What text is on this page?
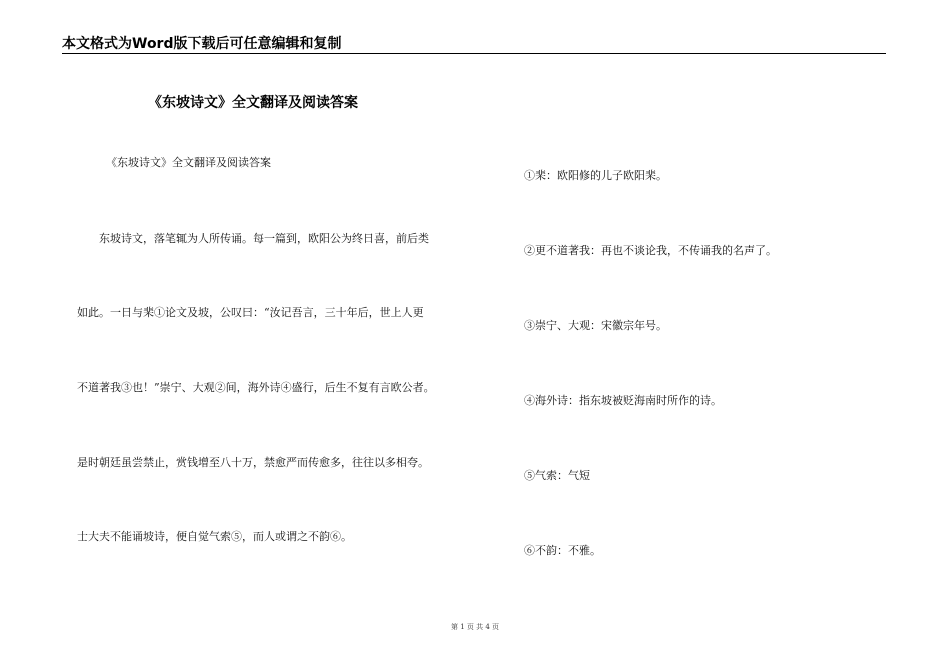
本文格式为Word版下载后可任意编辑和复制
《东坡诗文》全文翻译及阅读答案
《东坡诗文》全文翻译及阅读答案
东坡诗文，落笔辄为人所传诵。每一篇到，欧阳公为终日喜，前后类
如此。一日与棐①论文及坡，公叹曰：“汝记吾言，三十年后，世上人更
不道著我③也！”崇宁、大观②间，海外诗④盛行，后生不复有言欧公者。
是时朝廷虽尝禁止，赏钱增至八十万，禁愈严而传愈多，往往以多相夸。
士大夫不能诵坡诗，便自觉气索⑤，而人或谓之不韵⑥。
①棐：欧阳修的儿子欧阳棐。
②更不道著我：再也不谈论我，不传诵我的名声了。
③崇宁、大观：宋徽宗年号。
④海外诗：指东坡被贬海南时所作的诗。
⑤气索：气短
⑥不韵：不雅。
第 1 页 共 4 页
